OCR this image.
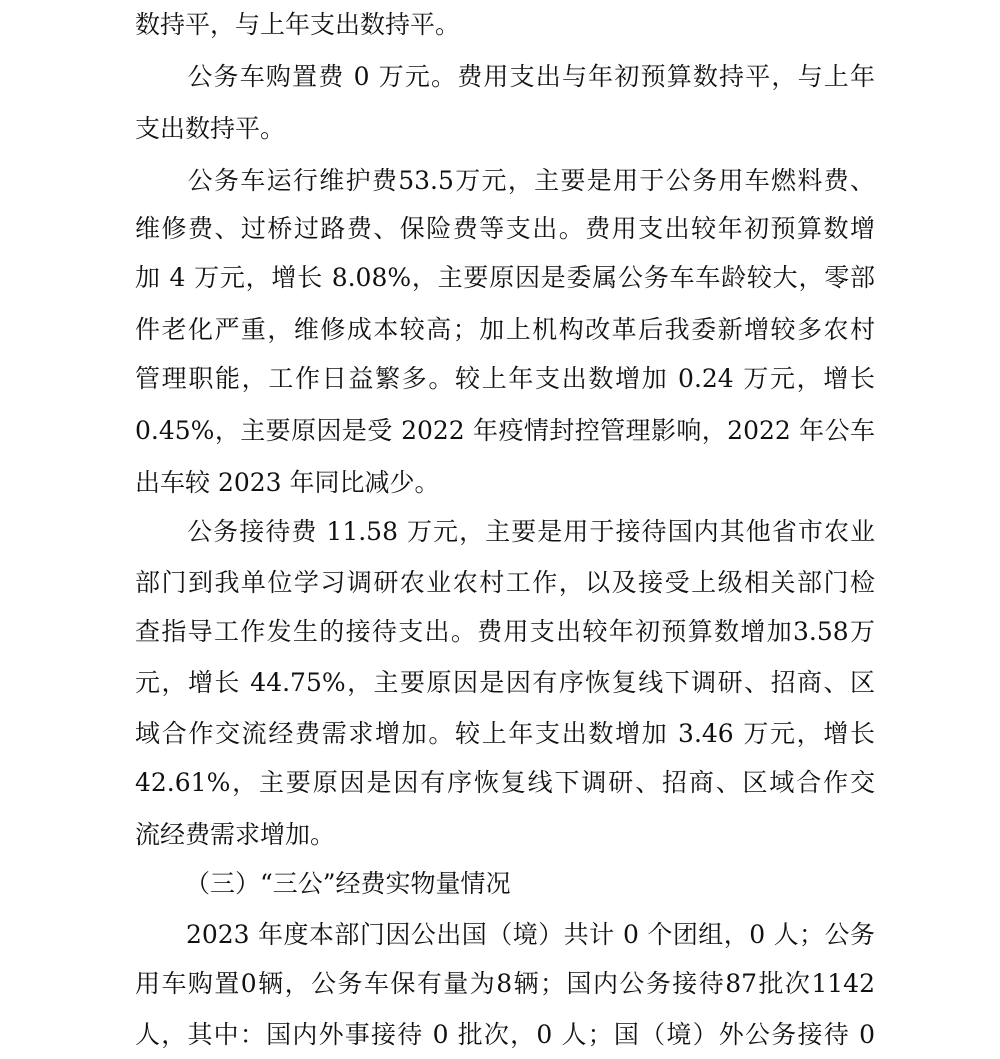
数持平，与上年支出数持平。
　　公务车购置费 0 万元。费用支出与年初预算数持平，与上年
支出数持平。
　　公务车运行维护费53.5万元，主要是用于公务用车燃料费、
维修费、过桥过路费、保险费等支出。费用支出较年初预算数增
加 4 万元，增长 8.08%，主要原因是委属公务车车龄较大，零部
件老化严重，维修成本较高；加上机构改革后我委新增较多农村
管理职能，工作日益繁多。较上年支出数增加 0.24 万元，增长
0.45%，主要原因是受 2022 年疫情封控管理影响，2022 年公车
出车较 2023 年同比减少。
　　公务接待费 11.58 万元，主要是用于接待国内其他省市农业
部门到我单位学习调研农业农村工作，以及接受上级相关部门检
查指导工作发生的接待支出。费用支出较年初预算数增加3.58万
元，增长 44.75%，主要原因是因有序恢复线下调研、招商、区
域合作交流经费需求增加。较上年支出数增加 3.46 万元，增长
42.61%，主要原因是因有序恢复线下调研、招商、区域合作交
流经费需求增加。
（三）“三公”经费实物量情况
　　2023 年度本部门因公出国（境）共计 0 个团组，0 人；公务
用车购置0辆，公务车保有量为8辆；国内公务接待87批次1142
人，其中：国内外事接待 0 批次，0 人；国（境）外公务接待 0
